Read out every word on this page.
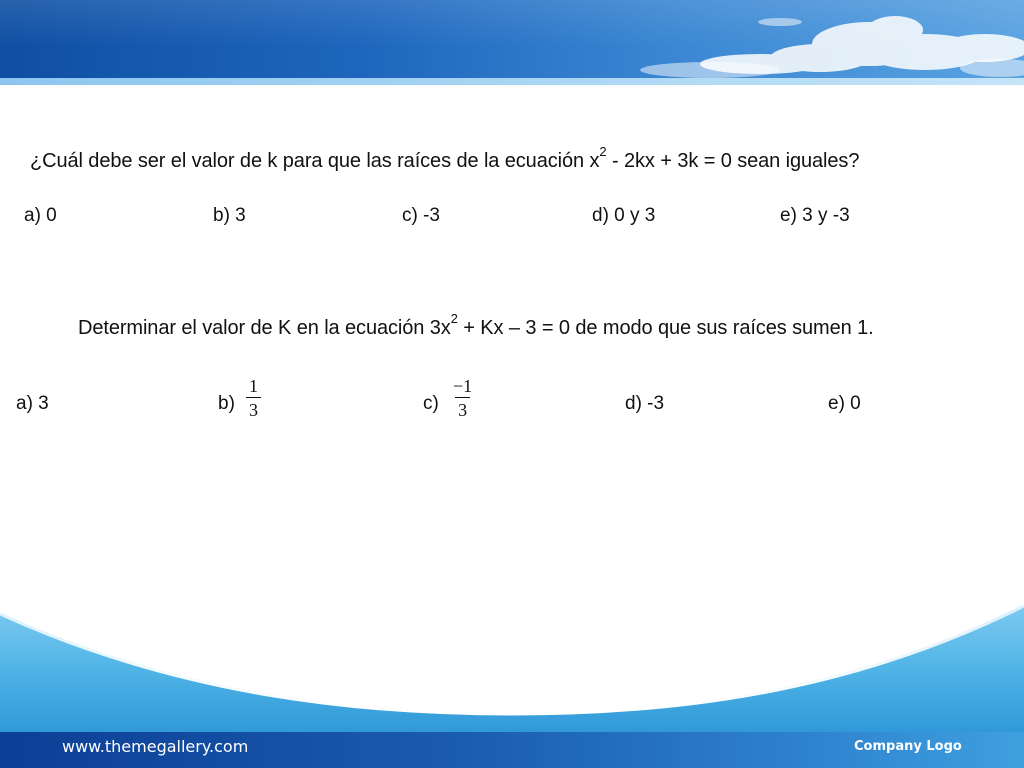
¿Cuál debe ser el valor de k para que las raíces de la ecuación $x^2 - 2kx + 3k = 0$ sean iguales?
a) 0	b) 3	c) -3	d) 0 y 3	e) 3 y -3
Determinar el valor de K en la ecuación $3x^2 + Kx - 3 = 0$ de modo que sus raíces sumen 1.
a) 3	$b) \frac{1}{3}$	$c) \frac{-1}{3}$	d) -3	e) 0
www.themegallery.com	Company Logo
